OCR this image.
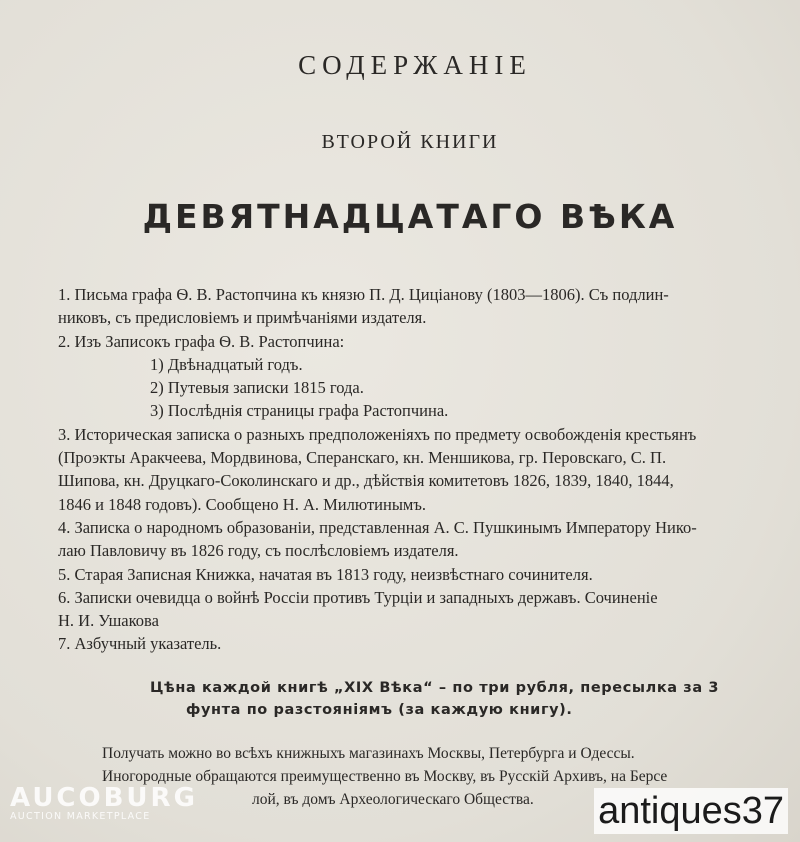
СОДЕРЖАНІЕ
ВТОРОЙ КНИГИ
ДЕВЯТНАДЦАТАГО ВѢКА
1. Письма графа Ѳ. В. Растопчина къ князю П. Д. Цицiанову (1803—1806). Съ подлин-
никовъ, съ предисловiемъ и примѣчанiями издателя.
2. Изъ Записокъ графа Ѳ. В. Растопчина:
1) Двѣнадцатый годъ.
2) Путевыя записки 1815 года.
3) Послѣднiя страницы графа Растопчина.
3. Историческая записка о разныхъ предположенiяхъ по предмету освобожденія крестьянъ
(Проэкты Аракчеева, Мордвинова, Сперанскаго, кн. Меншикова, гр. Перовскаго, С. П.
Шипова, кн. Друцкаго-Соколинскаго и др., дѣйствiя комитетовъ 1826, 1839, 1840, 1844,
1846 и 1848 годовъ). Сообщено Н. А. Милютинымъ.
4. Записка о народномъ образованiи, представленная А. С. Пушкинымъ Императору Нико-
лаю Павловичу въ 1826 году, съ послѣсловiемъ издателя.
5. Старая Записная Книжка, начатая въ 1813 году, неизвѣстнаго сочинителя.
6. Записки очевидца о войнѣ Россiи противъ Турцiи и западныхъ державъ. Сочиненiе
Н. И. Ушакова
7. Азбучный указатель.
Цѣна каждой книгѣ „XIX Вѣка“ – по три рубля, пересылка за 3
фунта по разстоянiямъ (за каждую книгу).
Получать можно во всѣхъ книжныхъ магазинахъ Москвы, Петербурга и Одессы.
Иногородные обращаются преимущественно въ Москву, въ Русскiй Архивъ, на Берсе
лой, въ домъ Археологическаго Общества.
AUCOBURG
AUCTION MARKETPLACE	antiques37
